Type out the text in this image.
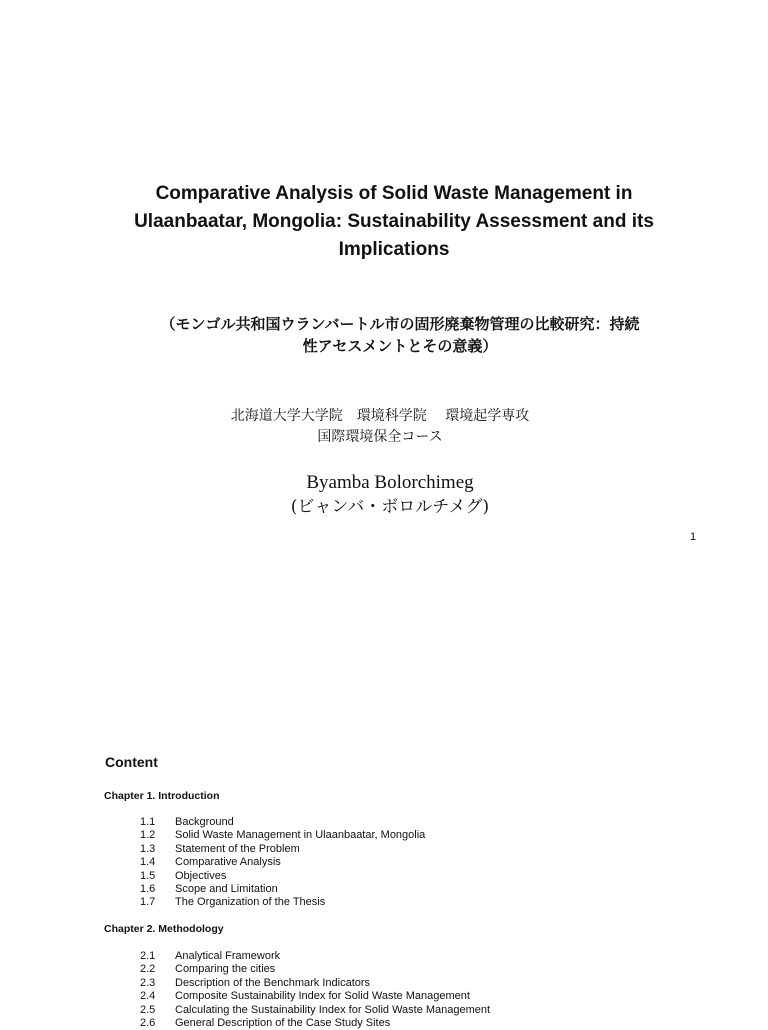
Comparative Analysis of Solid Waste Management in
Ulaanbaatar, Mongolia: Sustainability Assessment and its
Implications
（モンゴル共和国ウランバートル市の固形廃棄物管理の比較研究：持続
性アセスメントとその意義）
北海道大学大学院　環境科学院　 環境起学専攻
国際環境保全コース
Byamba Bolorchimeg
(ビャンバ・ボロルチメグ)
1
Content
Chapter 1. Introduction
1.1	Background
1.2	Solid Waste Management in Ulaanbaatar, Mongolia
1.3	Statement of the Problem
1.4	Comparative Analysis
1.5	Objectives
1.6	Scope and Limitation
1.7	The Organization of the Thesis
Chapter 2. Methodology
2.1	Analytical Framework
2.2	Comparing the cities
2.3	Description of the Benchmark Indicators
2.4	Composite Sustainability Index for Solid Waste Management
2.5	Calculating the Sustainability Index for Solid Waste Management
2.6	General Description of the Case Study Sites
